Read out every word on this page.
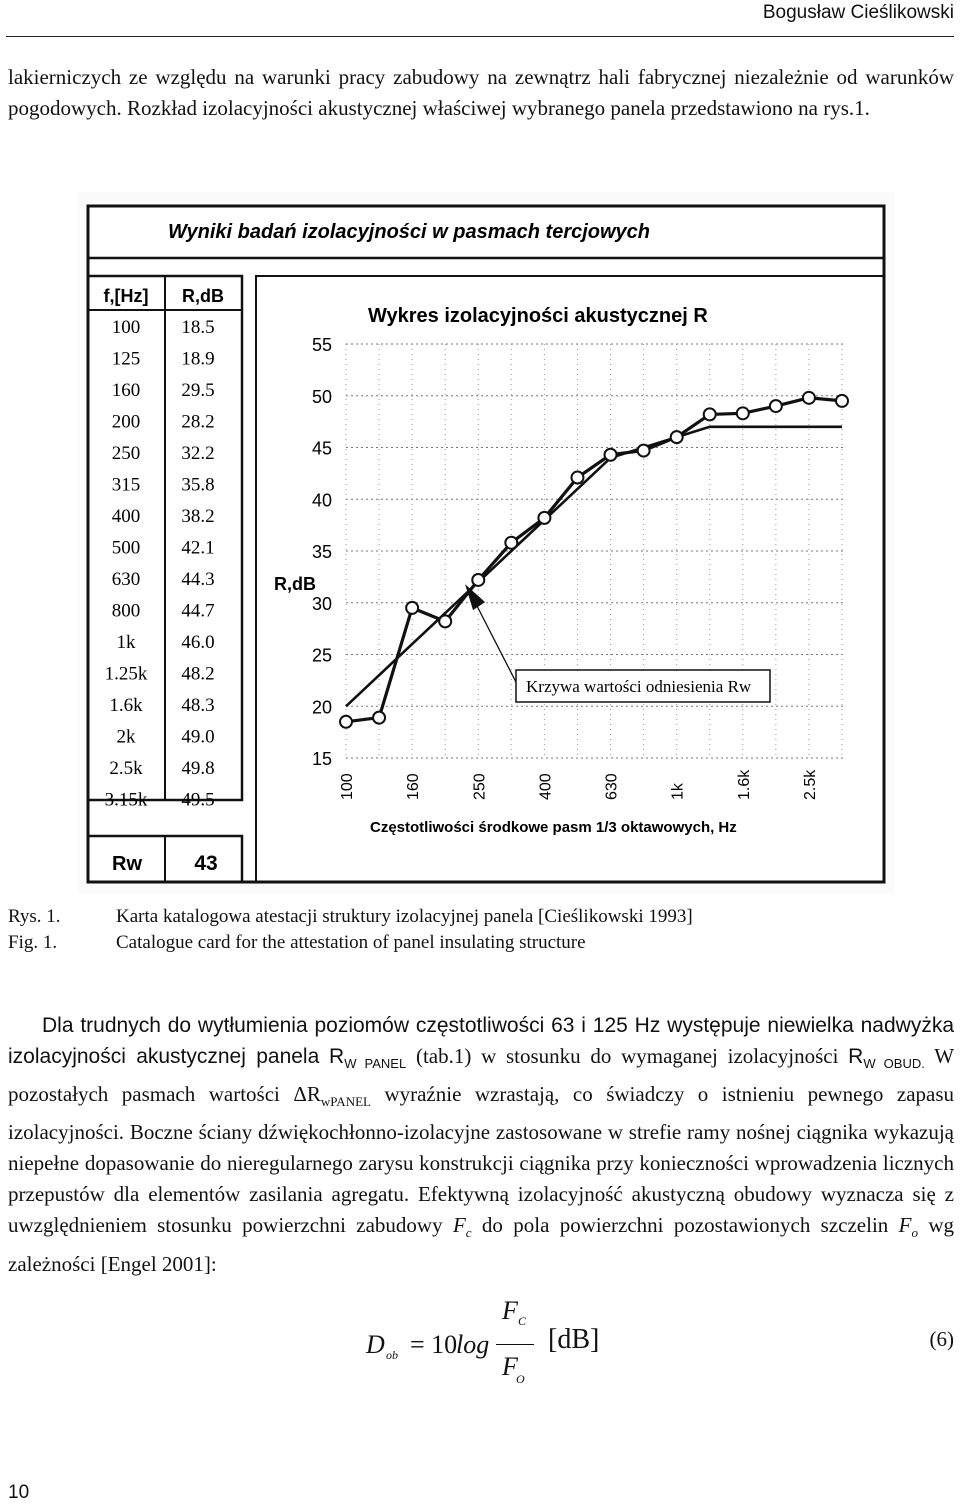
Bogusław Cieślikowski
lakierniczych ze względu na warunki pracy zabudowy na zewnątrz hali fabrycznej niezależnie od warunków pogodowych. Rozkład izolacyjności akustycznej właściwej wybranego panela przedstawiono na rys.1.
Wyniki badań izolacyjności w pasmach tercjowych
f,[Hz] R,dB
100 18.5
125 18.9
160 29.5
200 28.2
250 32.2
315 35.8
400 38.2
500 42.1
630 44.3
800 44.7
1k 46.0
1.25k 48.2
1.6k 48.3
2k 49.0
2.5k 49.8
3.15k 49.5
Rw 43
Wykres izolacyjności akustycznej R
R,dB
Częstotliwości środkowe pasm 1/3 oktawowych, Hz
15
20
25
30
35
40
45
50
55
100	160	250	400	630	1k	1.6k	2.5k
Krzywa wartości odniesienia Rw
Rys. 1.	Karta katalogowa atestacji struktury izolacyjnej panela [Cieślikowski 1993]
Fig. 1.	Catalogue card for the attestation of panel insulating structure
Dla trudnych do wytłumienia poziomów częstotliwości 63 i 125 Hz występuje niewielka nadwyżka izolacyjności akustycznej panela $R_{W PANEL}$ (tab.1) w stosunku do wymaganej izolacyjności $R_{W OBUD.}$ W pozostałych pasmach wartości $\Delta R_{wPANEL}$ wyraźnie wzrastają, co świadczy o istnieniu pewnego zapasu izolacyjności. Boczne ściany dźwiękochłonno-izolacyjne zastosowane w strefie ramy nośnej ciągnika wykazują niepełne dopasowanie do nieregularnego zarysu konstrukcji ciągnika przy konieczności wprowadzenia licznych przepustów dla elementów zasilania agregatu. Efektywną izolacyjność akustyczną obudowy wyznacza się z uwzględnieniem stosunku powierzchni zabudowy $F_c$ do pola powierzchni pozostawionych szczelin $F_o$ wg zależności [Engel 2001]:
D ob = 10
log
F C
F
O
[dB]	(6)
10
